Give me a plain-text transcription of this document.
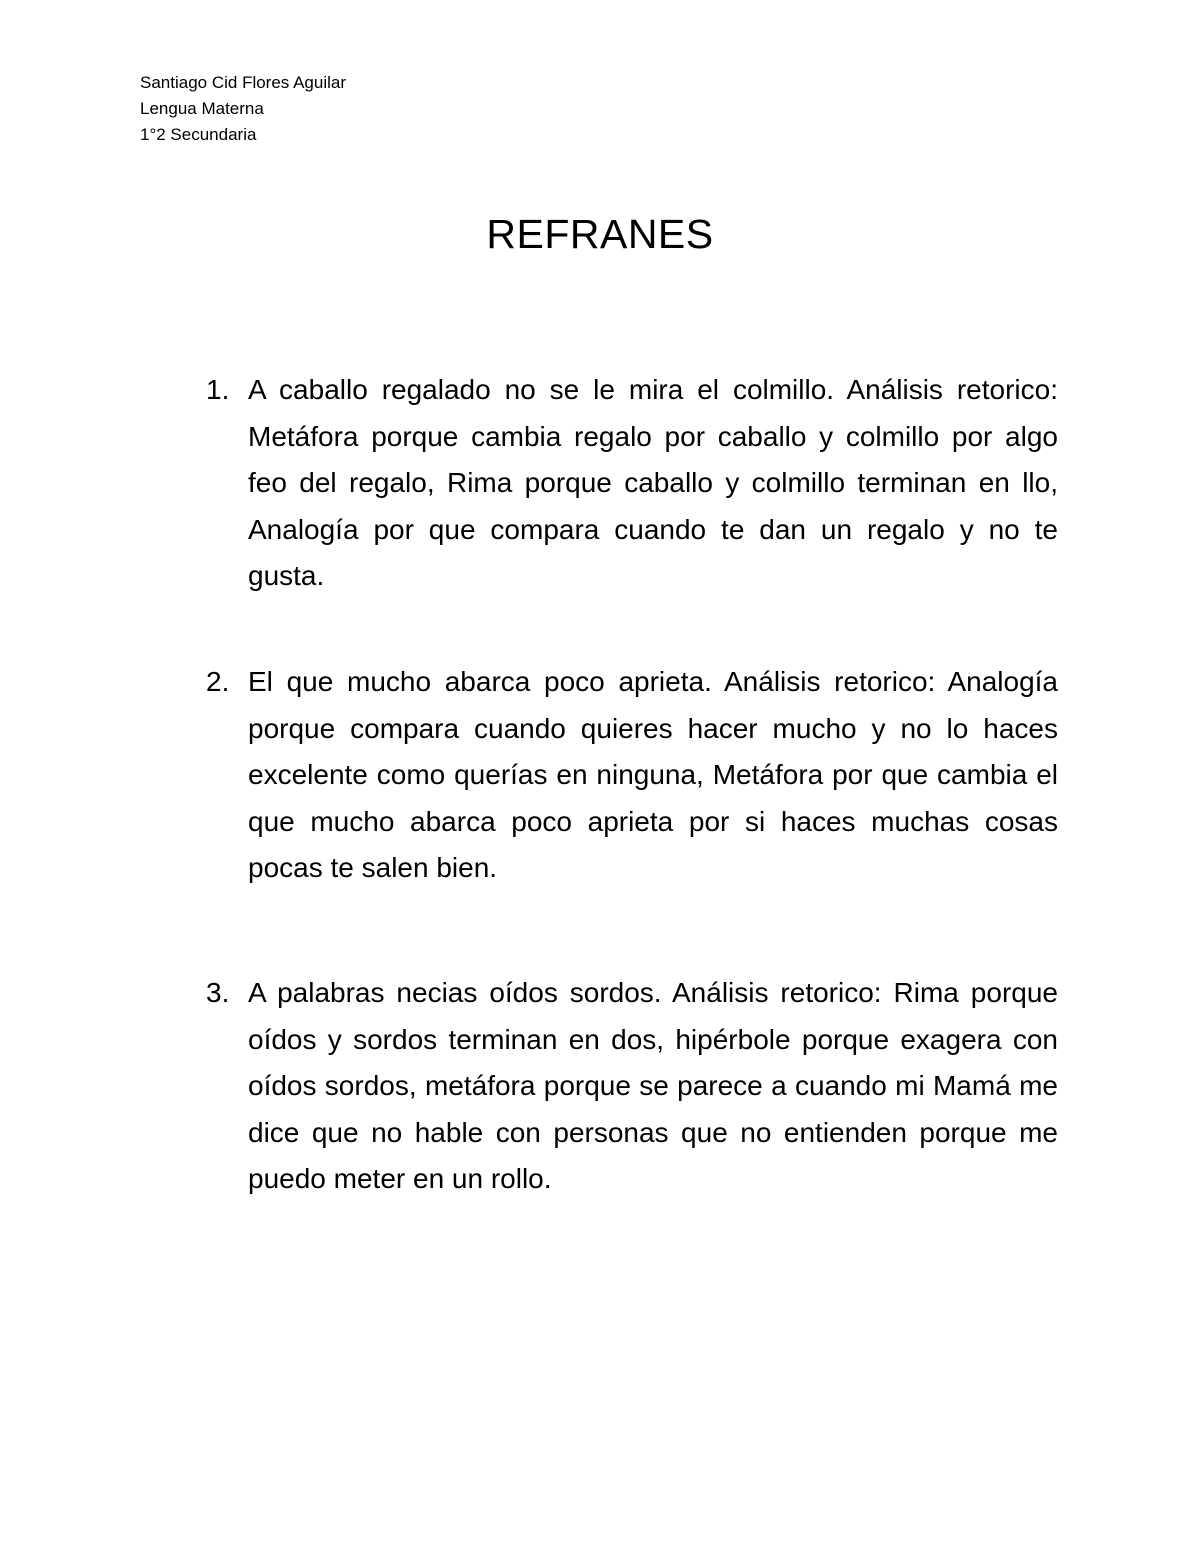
Santiago Cid Flores Aguilar
Lengua Materna
1°2 Secundaria
REFRANES
1. A caballo regalado no se le mira el colmillo. Análisis retorico: Metáfora porque cambia regalo por caballo y colmillo por algo feo del regalo, Rima porque caballo y colmillo terminan en llo, Analogía por que compara cuando te dan un regalo y no te gusta.
2. El que mucho abarca poco aprieta. Análisis retorico: Analogía porque compara cuando quieres hacer mucho y no lo haces excelente como querías en ninguna, Metáfora por que cambia el que mucho abarca poco aprieta por si haces muchas cosas pocas te salen bien.
3. A palabras necias oídos sordos. Análisis retorico: Rima porque oídos y sordos terminan en dos, hipérbole porque exagera con oídos sordos, metáfora porque se parece a cuando mi Mamá me dice que no hable con personas que no entienden porque me puedo meter en un rollo.
